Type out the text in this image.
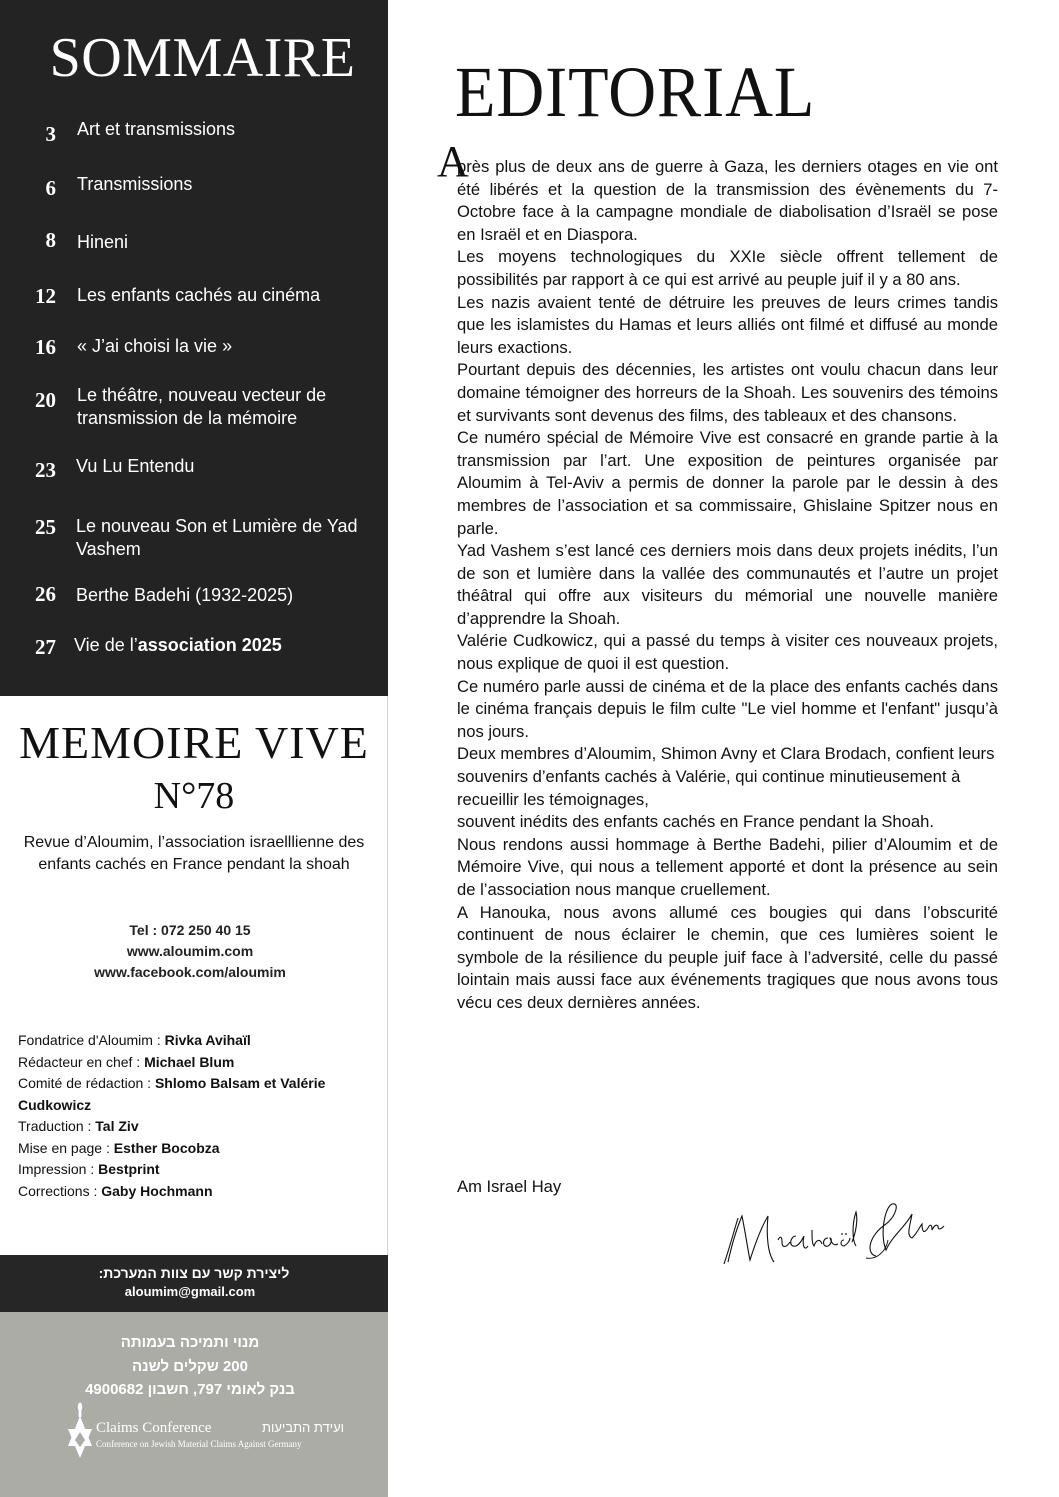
SOMMAIRE
3 Art et transmissions
6 Transmissions
8 Hineni
12 Les enfants cachés au cinéma
16 « J’ai choisi la vie »
20 Le théâtre, nouveau vecteur de transmission de la mémoire
23 Vu Lu Entendu
25 Le nouveau Son et Lumière de Yad Vashem
26 Berthe Badehi (1932-2025)
27 Vie de l’association 2025
MEMOIRE VIVE
N°78
Revue d’Aloumim, l’association israelllienne des enfants cachés en France pendant la shoah
Tel : 072 250 40 15
www.aloumim.com
www.facebook.com/aloumim
Fondatrice d'Aloumim : Rivka Avihaïl
Rédacteur en chef : Michael Blum
Comité de rédaction : Shlomo Balsam et Valérie Cudkowicz
Traduction : Tal Ziv
Mise en page : Esther Bocobza
Impression : Bestprint
Corrections : Gaby Hochmann
ליצירת קשר עם צוות המערכת:
aloumim@gmail.com
מנוי ותמיכה בעמותה
200 שקלים לשנה
בנק לאומי 797, חשבון 4900682
Claims Conference	ועידת התביעות
Conference on Jewish Material Claims Against Germany
EDITORIAL
A

près plus de deux ans de guerre à Gaza, les derniers otages en vie ont été libérés et la question de la transmission des évènements du 7-Octobre face à la campagne mondiale de diabolisation d’Israël se pose en Israël et en Diaspora.

Les moyens technologiques du XXIe siècle offrent tellement de possibilités par rapport à ce qui est arrivé au peuple juif il y a 80 ans.

Les nazis avaient tenté de détruire les preuves de leurs crimes tandis que les islamistes du Hamas et leurs alliés ont filmé et diffusé au monde leurs exactions.

Pourtant depuis des décennies, les artistes ont voulu chacun dans leur domaine témoigner des horreurs de la Shoah. Les souvenirs des témoins et survivants sont devenus des films, des tableaux et des chansons.

Ce numéro spécial de Mémoire Vive est consacré en grande partie à la transmission par l’art. Une exposition de peintures organisée par Aloumim à Tel-Aviv a permis de donner la parole par le dessin à des membres de l’association et sa commissaire, Ghislaine Spitzer nous en parle.

Yad Vashem s’est lancé ces derniers mois dans deux projets inédits, l’un de son et lumière dans la vallée des communautés et l’autre un projet théâtral qui offre aux visiteurs du mémorial une nouvelle manière d’apprendre la Shoah.

Valérie Cudkowicz, qui a passé du temps à visiter ces nouveaux projets, nous explique de quoi il est question.

Ce numéro parle aussi de cinéma et de la place des enfants cachés dans le cinéma français depuis le film culte "Le viel homme et l'enfant" jusqu’à nos jours.

Deux membres d’Aloumim, Shimon Avny et Clara Brodach, confient leurs souvenirs d’enfants cachés à Valérie, qui continue minutieusement à recueillir les témoignages,

souvent inédits des enfants cachés en France pendant la Shoah.

Nous rendons aussi hommage à Berthe Badehi, pilier d’Aloumim et de Mémoire Vive, qui nous a tellement apporté et dont la présence au sein de l’association nous manque cruellement.

A Hanouka, nous avons allumé ces bougies qui dans l’obscurité continuent de nous éclairer le chemin, que ces lumières soient le symbole de la résilience du peuple juif face à l’adversité, celle du passé lointain mais aussi face aux événements tragiques que nous avons tous vécu ces deux dernières années.

Am Israel Hay
